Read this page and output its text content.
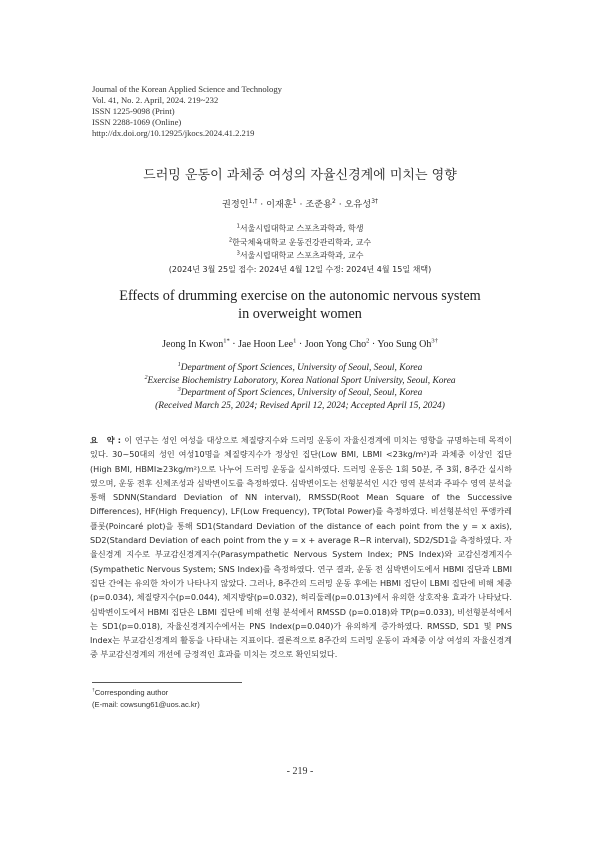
Journal of the Korean Applied Science and Technology
Vol. 41, No. 2. April, 2024. 219~232
ISSN 1225-9098 (Print)
ISSN 2288-1069 (Online)
http://dx.doi.org/10.12925/jkocs.2024.41.2.219
드러밍 운동이 과체중 여성의 자율신경계에 미치는 영향
권정인$^{1,\dagger}$ · 이재훈$^1$ · 조준용$^2$ · 오유성$^{3\dagger}$
$^1$서울시립대학교 스포츠과학과, 학생
$^2$한국체육대학교 운동건강관리학과, 교수
$^3$서울시립대학교 스포츠과학과, 교수
(2024년 3월 25일 접수: 2024년 4월 12일 수정: 2024년 4월 15일 채택)
Effects of drumming exercise on the autonomic nervous system
in overweight women
Jeong In Kwon$^{1*}$ · Jae Hoon Lee$^1$ · Joon Yong Cho$^2$ · Yoo Sung $Oh^{3\dagger}$
$^1$Department of Sport Sciences, University of Seoul, Seoul, Korea
$^2$Exercise Biochemistry Laboratory, Korea National Sport University, Seoul, Korea
$^3$Department of Sport Sciences, University of Seoul, Seoul, Korea
(Received March 25, 2024; Revised April 12, 2024; Accepted April 15, 2024)
요　약 : 이 연구는 성인 여성을 대상으로 체질량지수와 드러밍 운동이 자율신경계에 미치는 영향을 규명하는데 목적이 있다. 30~50대의 성인 여성10명을 체질량지수가 정상인 집단(Low BMI, LBMI <23kg/m²)과 과체중 이상인 집단(High BMI, HBMI≥23kg/m²)으로 나누어 드러밍 운동을 실시하였다. 드러밍 운동은 1회 50분, 주 3회, 8주간 실시하였으며, 운동 전후 신체조성과 심박변이도를 측정하였다. 심박변이도는 선형분석인 시간 영역 분석과 주파수 영역 분석을 통해 SDNN(Standard Deviation of NN interval), RMSSD(Root Mean Square of the Successive Differences), HF(High Frequency), LF(Low Frequency), TP(Total Power)를 측정하였다. 비선형분석인 푸앵카레 플롯(Poincaré plot)을 통해 SD1(Standard Deviation of the distance of each point from the y = x axis), SD2(Standard Deviation of each point from the y = x + average R−R interval), SD2/SD1을 측정하였다. 자율신경계 지수로 부교감신경계지수(Parasympathetic Nervous System Index; PNS Index)와 교감신경계지수(Sympathetic Nervous System; SNS Index)를 측정하였다. 연구 결과, 운동 전 심박변이도에서 HBMI 집단과 LBMI 집단 간에는 유의한 차이가 나타나지 않았다. 그러나, 8주간의 드러밍 운동 후에는 HBMI 집단이 LBMI 집단에 비해 체중(p=0.034), 체질량지수(p=0.044), 체지방량(p=0.032), 허리둘레(p=0.013)에서 유의한 상호작용 효과가 나타났다. 심박변이도에서 HBMI 집단은 LBMI 집단에 비해 선형 분석에서 RMSSD (p=0.018)와 TP(p=0.033), 비선형분석에서는 SD1(p=0.018), 자율신경계지수에서는 PNS Index(p=0.040)가 유의하게 증가하였다. RMSSD, SD1 및 PNS Index는 부교감신경계의 활동을 나타내는 지표이다. 결론적으로 8주간의 드러밍 운동이 과체중 이상 여성의 자율신경계 중 부교감신경계의 개선에 긍정적인 효과를 미치는 것으로 확인되었다.
†Corresponding author
(E-mail: cowsung61@uos.ac.kr)
- 219 -
